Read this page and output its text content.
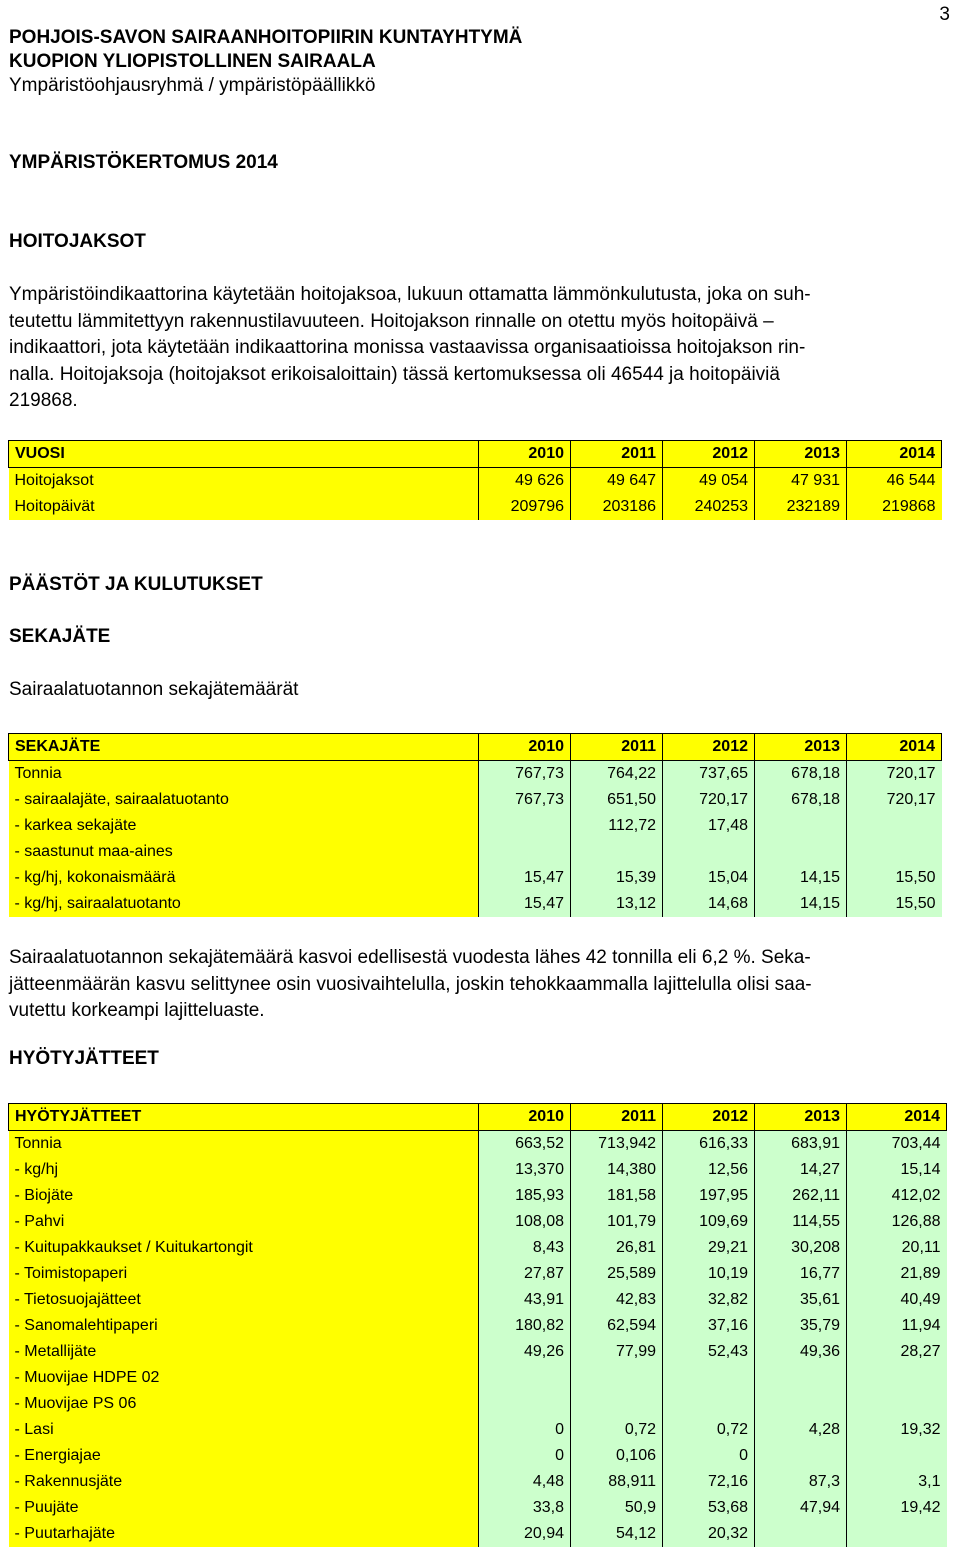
POHJOIS-SAVON SAIRAANHOITOPIIRIN KUNTAYHTYMÄ
KUOPION YLIOPISTOLLINEN SAIRAALA
Ympäristöohjausryhmä / ympäristöpäällikkö
3
YMPÄRISTÖKERTOMUS 2014
HOITOJAKSOT
Ympäristöindikaattorina käytetään hoitojaksoa, lukuun ottamatta lämmönkulutusta, joka on suh-
teutettu lämmitettyyn rakennustilavuuteen. Hoitojakson rinnalle on otettu myös hoitopäivä –
indikaattori, jota käytetään indikaattorina monissa vastaavissa organisaatioissa hoitojakson rin-
nalla. Hoitojaksoja (hoitojaksot erikoisaloittain) tässä kertomuksessa oli 46544 ja hoitopäiviä
219868.
VUOSI	2010	2011	2012	2013	2014
Hoitojaksot	49 626	49 647	49 054	47 931	46 544
Hoitopäivät	209796	203186	240253	232189	219868
PÄÄSTÖT JA KULUTUKSET
SEKAJÄTE
Sairaalatuotannon sekajätemäärät
SEKAJÄTE	2010	2011	2012	2013	2014
Tonnia	767,73	764,22	737,65	678,18	720,17
- sairaalajäte, sairaalatuotanto	767,73	651,50	720,17	678,18	720,17
- karkea sekajäte		112,72	17,48		
- saastunut maa-aines					
- kg/hj, kokonaismäärä	15,47	15,39	15,04	14,15	15,50
- kg/hj, sairaalatuotanto	15,47	13,12	14,68	14,15	15,50
Sairaalatuotannon sekajätemäärä kasvoi edellisestä vuodesta lähes 42 tonnilla eli 6,2 %. Seka-
jätteenmäärän kasvu selittynee osin vuosivaihtelulla, joskin tehokkaammalla lajittelulla olisi saa-
vutettu korkeampi lajitteluaste.
HYÖTYJÄTTEET
HYÖTYJÄTTEET	2010	2011	2012	2013	2014
Tonnia	663,52	713,942	616,33	683,91	703,44
- kg/hj	13,370	14,380	12,56	14,27	15,14
- Biojäte	185,93	181,58	197,95	262,11	412,02
- Pahvi	108,08	101,79	109,69	114,55	126,88
- Kuitupakkaukset / Kuitukartongit	8,43	26,81	29,21	30,208	20,11
- Toimistopaperi	27,87	25,589	10,19	16,77	21,89
- Tietosuojajätteet	43,91	42,83	32,82	35,61	40,49
- Sanomalehtipaperi	180,82	62,594	37,16	35,79	11,94
- Metallijäte	49,26	77,99	52,43	49,36	28,27
- Muovijae HDPE 02					
- Muovijae PS 06					
- Lasi	0	0,72	0,72	4,28	19,32
- Energiajae	0	0,106	0		
- Rakennusjäte	4,48	88,911	72,16	87,3	3,1
- Puujäte	33,8	50,9	53,68	47,94	19,42
- Puutarhajäte	20,94	54,12	20,32		
